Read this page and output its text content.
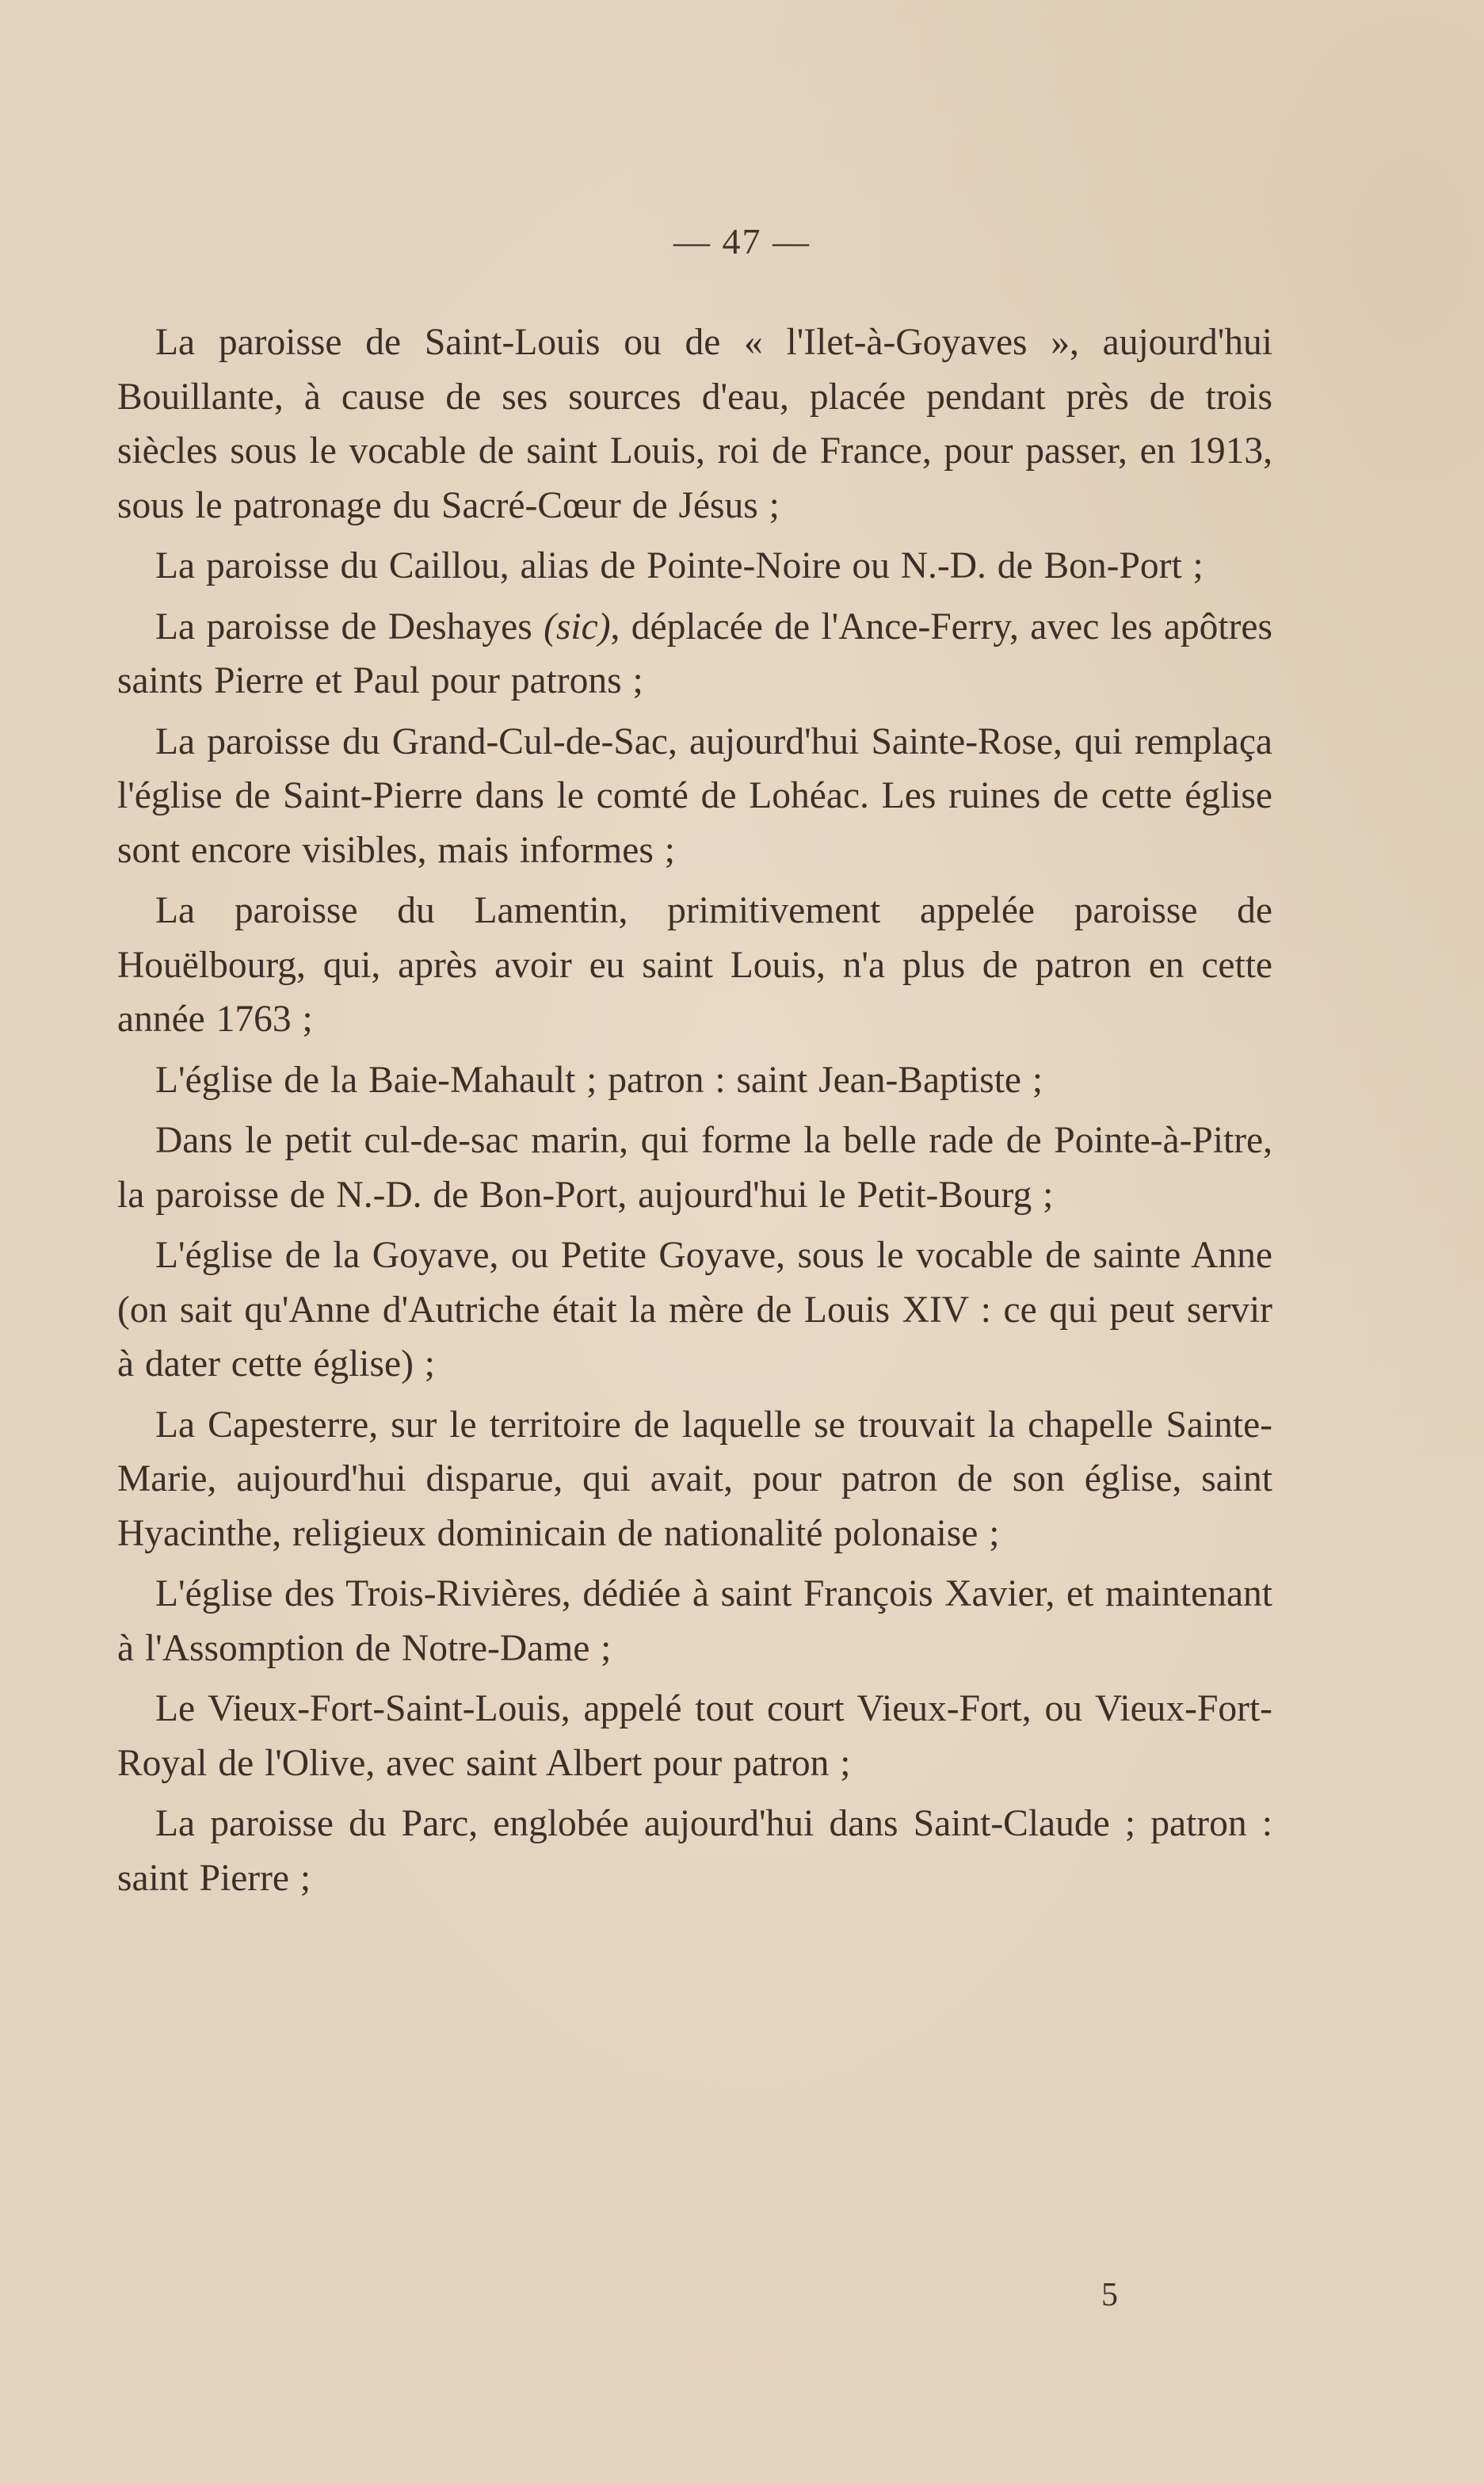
— 47 —

La paroisse de Saint-Louis ou de « l'Ilet-à-Goyaves », aujourd'hui Bouillante, à cause de ses sources d'eau, placée pendant près de trois siècles sous le vocable de saint Louis, roi de France, pour passer, en 1913, sous le patronage du Sacré-Cœur de Jésus ;

La paroisse du Caillou, alias de Pointe-Noire ou N.-D. de Bon-Port ;

La paroisse de Deshayes (sic), déplacée de l'Ance-Ferry, avec les apôtres saints Pierre et Paul pour patrons ;

La paroisse du Grand-Cul-de-Sac, aujourd'hui Sainte-Rose, qui remplaça l'église de Saint-Pierre dans le comté de Lohéac. Les ruines de cette église sont encore visibles, mais informes ;

La paroisse du Lamentin, primitivement appelée paroisse de Houëlbourg, qui, après avoir eu saint Louis, n'a plus de patron en cette année 1763 ;

L'église de la Baie-Mahault ; patron : saint Jean-Baptiste ;

Dans le petit cul-de-sac marin, qui forme la belle rade de Pointe-à-Pitre, la paroisse de N.-D. de Bon-Port, aujourd'hui le Petit-Bourg ;

L'église de la Goyave, ou Petite Goyave, sous le vocable de sainte Anne (on sait qu'Anne d'Autriche était la mère de Louis XIV : ce qui peut servir à dater cette église) ;

La Capesterre, sur le territoire de laquelle se trouvait la chapelle Sainte-Marie, aujourd'hui disparue, qui avait, pour patron de son église, saint Hyacinthe, religieux dominicain de nationalité polonaise ;

L'église des Trois-Rivières, dédiée à saint François Xavier, et maintenant à l'Assomption de Notre-Dame ;

Le Vieux-Fort-Saint-Louis, appelé tout court Vieux-Fort, ou Vieux-Fort-Royal de l'Olive, avec saint Albert pour patron ;

La paroisse du Parc, englobée aujourd'hui dans Saint-Claude ; patron : saint Pierre ;

5
